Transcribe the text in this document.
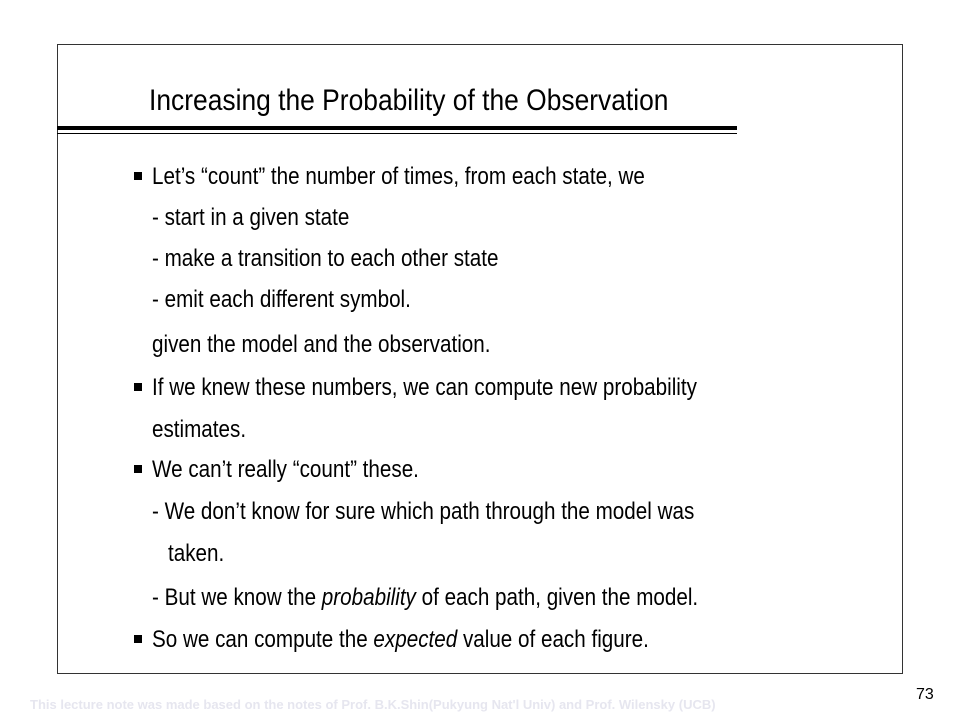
Increasing the Probability of the Observation
Let’s “count” the number of times, from each state, we
- start in a given state
- make a transition to each other state
- emit each different symbol.
given the model and the observation.
If we knew these numbers, we can compute new probability
estimates.
We can’t really “count” these.
- We don’t know for sure which path through the model was
taken.
- But we know the probability of each path, given the model.
So we can compute the expected value of each figure.
This lecture note was made based on the notes of Prof. B.K.Shin(Pukyung Nat'l Univ) and Prof. Wilensky (UCB)
73
